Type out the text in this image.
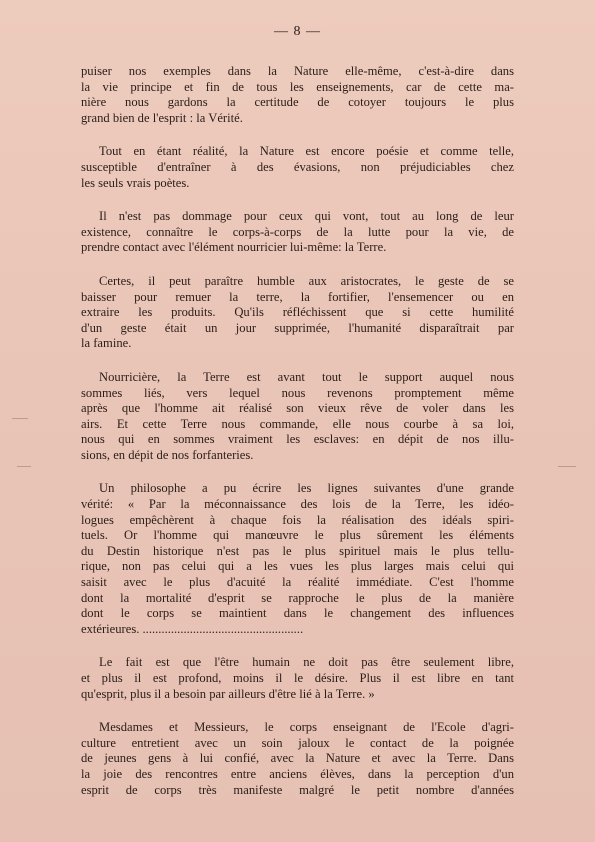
— 8 —

puiser nos exemples dans la Nature elle-même, c'est-à-dire dans
la vie principe et fin de tous les enseignements, car de cette ma-
nière nous gardons la certitude de cotoyer toujours le plus
grand bien de l'esprit : la Vérité.

Tout en étant réalité, la Nature est encore poésie et comme telle,
susceptible d'entraîner à des évasions, non préjudiciables chez
les seuls vrais poètes.

Il n'est pas dommage pour ceux qui vont, tout au long de leur
existence, connaître le corps-à-corps de la lutte pour la vie, de
prendre contact avec l'élément nourricier lui-même: la Terre.

Certes, il peut paraître humble aux aristocrates, le geste de se
baisser pour remuer la terre, la fortifier, l'ensemencer ou en
extraire les produits. Qu'ils réfléchissent que si cette humilité
d'un geste était un jour supprimée, l'humanité disparaîtrait par
la famine.

Nourricière, la Terre est avant tout le support auquel nous
sommes liés, vers lequel nous revenons promptement même
après que l'homme ait réalisé son vieux rêve de voler dans les
airs. Et cette Terre nous commande, elle nous courbe à sa loi,
nous qui en sommes vraiment les esclaves: en dépit de nos illu-
sions, en dépit de nos forfanteries.

Un philosophe a pu écrire les lignes suivantes d'une grande
vérité: « Par la méconnaissance des lois de la Terre, les idéo-
logues empêchèrent à chaque fois la réalisation des idéals spiri-
tuels. Or l'homme qui manœuvre le plus sûrement les éléments
du Destin historique n'est pas le plus spirituel mais le plus tellu-
rique, non pas celui qui a les vues les plus larges mais celui qui
saisit avec le plus d'acuité la réalité immédiate. C'est l'homme
dont la mortalité d'esprit se rapproche le plus de la manière
dont le corps se maintient dans le changement des influences
extérieures. ...................................................

Le fait est que l'être humain ne doit pas être seulement libre,
et plus il est profond, moins il le désire. Plus il est libre en tant
qu'esprit, plus il a besoin par ailleurs d'être lié à la Terre. »

Mesdames et Messieurs, le corps enseignant de l'Ecole d'agri-
culture entretient avec un soin jaloux le contact de la poignée
de jeunes gens à lui confié, avec la Nature et avec la Terre. Dans
la joie des rencontres entre anciens élèves, dans la perception d'un
esprit de corps très manifeste malgré le petit nombre d'années
